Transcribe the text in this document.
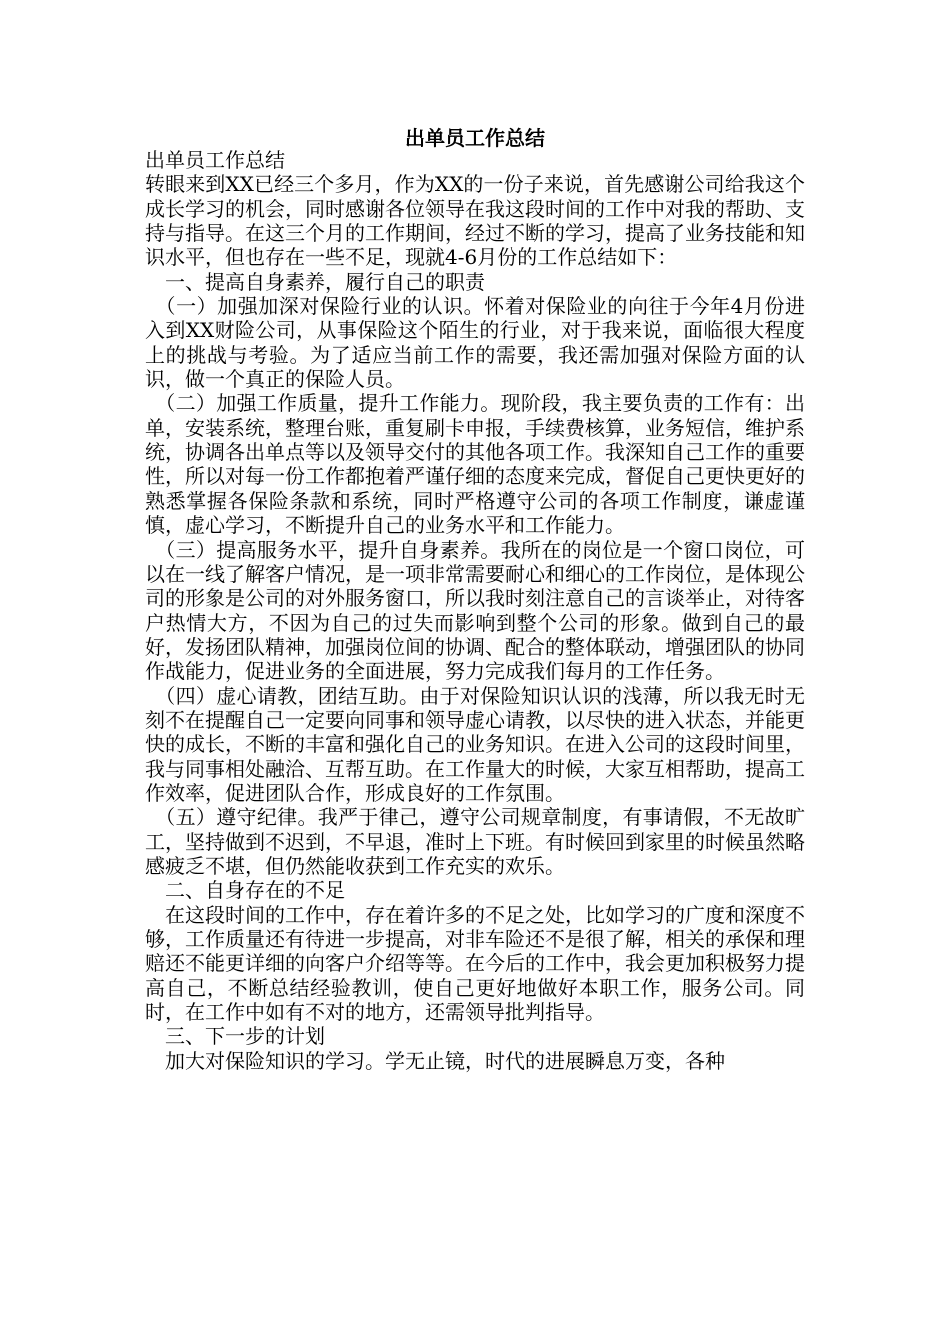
出单员工作总结

出单员工作总结

转眼来到XX已经三个多月，作为XX的一份子来说，首先感谢公司给我这个成长学习的机会，同时感谢各位领导在我这段时间的工作中对我的帮助、支持与指导。在这三个月的工作期间，经过不断的学习，提高了业务技能和知识水平，但也存在一些不足，现就4-6月份的工作总结如下：

　一、提高自身素养，履行自己的职责

　（一）加强加深对保险行业的认识。怀着对保险业的向往于今年4月份进入到XX财险公司，从事保险这个陌生的行业，对于我来说，面临很大程度上的挑战与考验。为了适应当前工作的需要，我还需加强对保险方面的认识，做一个真正的保险人员。

　（二）加强工作质量，提升工作能力。现阶段，我主要负责的工作有：出单，安装系统，整理台账，重复刷卡申报，手续费核算，业务短信，维护系统，协调各出单点等以及领导交付的其他各项工作。我深知自己工作的重要性，所以对每一份工作都抱着严谨仔细的态度来完成，督促自己更快更好的熟悉掌握各保险条款和系统，同时严格遵守公司的各项工作制度，谦虚谨慎，虚心学习，不断提升自己的业务水平和工作能力。

　（三）提高服务水平，提升自身素养。我所在的岗位是一个窗口岗位，可以在一线了解客户情况，是一项非常需要耐心和细心的工作岗位，是体现公司的形象是公司的对外服务窗口，所以我时刻注意自己的言谈举止，对待客户热情大方，不因为自己的过失而影响到整个公司的形象。做到自己的最好，发扬团队精神，加强岗位间的协调、配合的整体联动，增强团队的协同作战能力，促进业务的全面进展，努力完成我们每月的工作任务。

　（四）虚心请教，团结互助。由于对保险知识认识的浅薄，所以我无时无刻不在提醒自己一定要向同事和领导虚心请教，以尽快的进入状态，并能更快的成长，不断的丰富和强化自己的业务知识。在进入公司的这段时间里，我与同事相处融洽、互帮互助。在工作量大的时候，大家互相帮助，提高工作效率，促进团队合作，形成良好的工作氛围。

　（五）遵守纪律。我严于律己，遵守公司规章制度，有事请假，不无故旷工，坚持做到不迟到，不早退，准时上下班。有时候回到家里的时候虽然略感疲乏不堪，但仍然能收获到工作充实的欢乐。

　二、自身存在的不足

　在这段时间的工作中，存在着许多的不足之处，比如学习的广度和深度不够，工作质量还有待进一步提高，对非车险还不是很了解，相关的承保和理赔还不能更详细的向客户介绍等等。在今后的工作中，我会更加积极努力提高自己，不断总结经验教训，使自己更好地做好本职工作，服务公司。同时，在工作中如有不对的地方，还需领导批判指导。

　三、下一步的计划

　加大对保险知识的学习。学无止镜，时代的进展瞬息万变，各种
